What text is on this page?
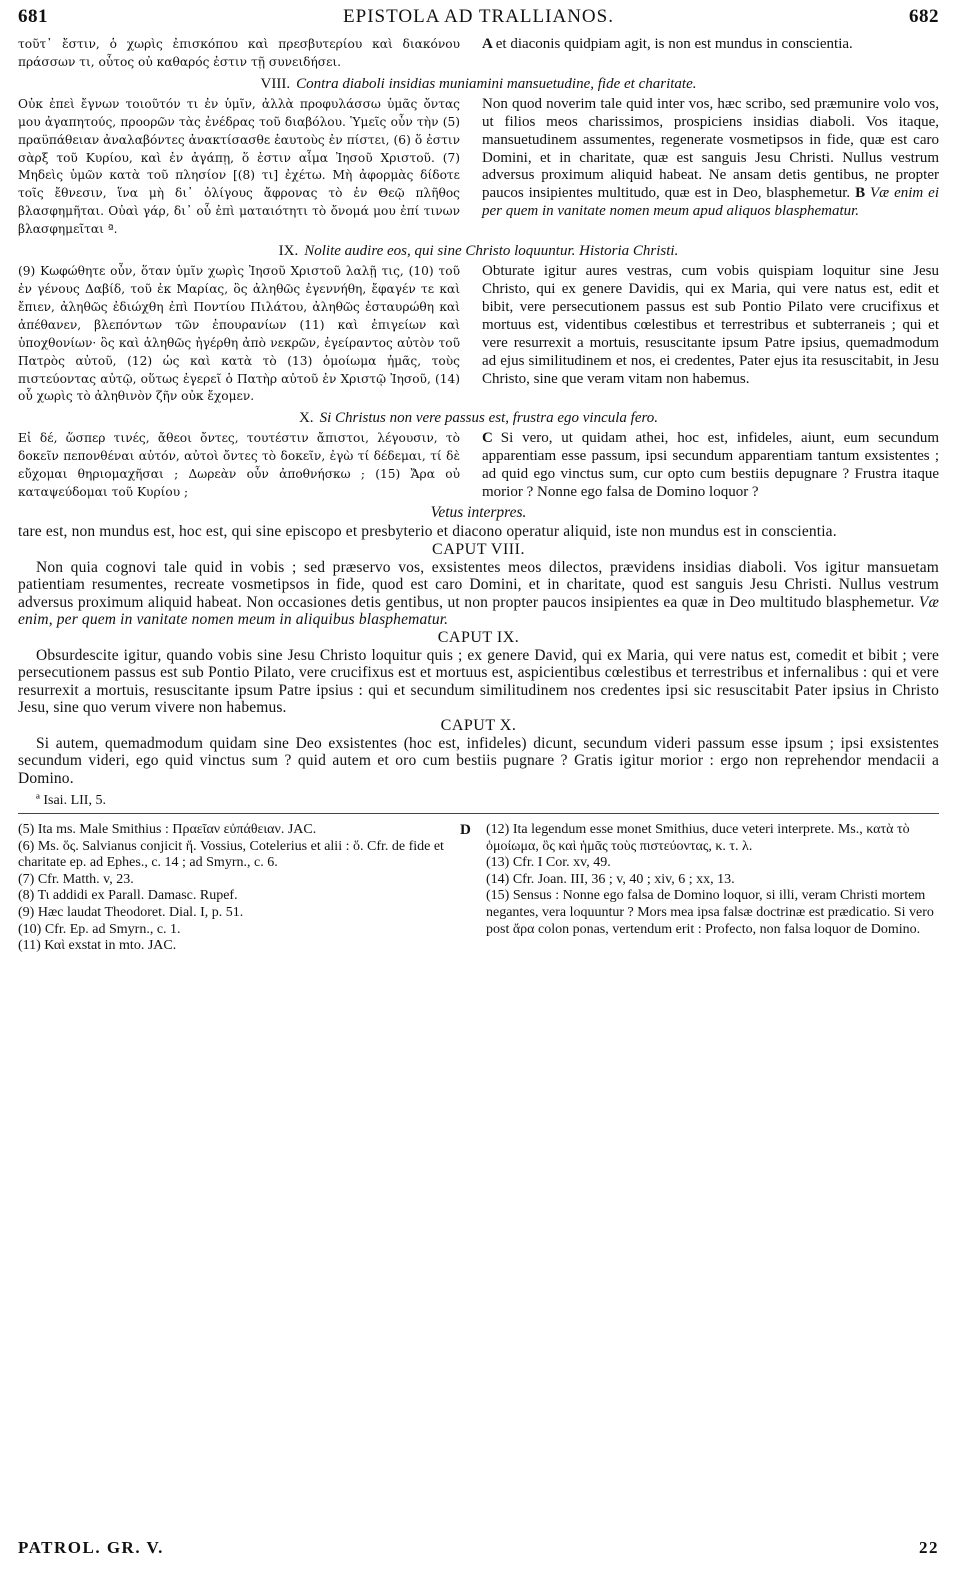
681	EPISTOLA AD TRALLIANOS.	682
τοῦτ᾽ ἔστιν, ὁ χωρὶς ἐπισκόπου καὶ πρεσβυτερίου καὶ διακόνου πράσσων τι, οὗτος οὐ καθαρός ἐστιν τῇ συνειδήσει.
A et diaconis quidpiam agit, is non est mundus in conscientia.
VIII. Contra diaboli insidias muniamini mansuetudine, fide et charitate.
Οὐκ ἐπεὶ ἔγνων τοιοῦτόν τι ἐν ὑμῖν, ἀλλὰ προφυλάσσω ὑμᾶς ὄντας μου ἀγαπητούς, προορῶν τὰς ἐνέδρας τοῦ διαβόλου. Ὑμεῖς οὖν τὴν (5) πραϋπάθειαν ἀναλαβόντες ἀνακτίσασθε ἑαυτοὺς ἐν πίστει, (6) ὅ ἐστιν σὰρξ τοῦ Κυρίου, καὶ ἐν ἀγάπῃ, ὅ ἐστιν αἷμα Ἰησοῦ Χριστοῦ. (7) Μηδεὶς ὑμῶν κατὰ τοῦ πλησίον [(8) τι] ἐχέτω. Μὴ ἀφορμὰς δίδοτε τοῖς ἔθνεσιν, ἵνα μὴ δι᾽ ὀλίγους ἄφρονας τὸ ἐν Θεῷ πλῆθος βλασφημῆται. Οὐαὶ γάρ, δι᾽ οὗ ἐπὶ ματαιότητι τὸ ὄνομά μου ἐπί τινων βλασφημεῖται ª.
Non quod noverim tale quid inter vos, hæc scribo, sed præmunire volo vos, ut filios meos charissimos, prospiciens insidias diaboli. Vos itaque, mansuetudinem assumentes, regenerate vosmetipsos in fide, quæ est caro Domini, et in charitate, quæ est sanguis Jesu Christi. Nullus vestrum adversus proximum aliquid habeat. Ne ansam detis gentibus, ne propter paucos insipientes multitudo, quæ est in Deo, blasphemetur. B Væ enim ei per quem in vanitate nomen meum apud aliquos blasphematur.
IX. Nolite audire eos, qui sine Christo loquuntur. Historia Christi.
(9) Κωφώθητε οὖν, ὅταν ὑμῖν χωρὶς Ἰησοῦ Χριστοῦ λαλῇ τις, (10) τοῦ ἐν γένους Δαβίδ, τοῦ ἐκ Μαρίας, ὃς ἀληθῶς ἐγεννήθη, ἔφαγέν τε καὶ ἔπιεν, ἀληθῶς ἐδιώχθη ἐπὶ Ποντίου Πιλάτου, ἀληθῶς ἐσταυρώθη καὶ ἀπέθανεν, βλεπόντων τῶν ἐπουρανίων (11) καὶ ἐπιγείων καὶ ὑποχθονίων· ὃς καὶ ἀληθῶς ἠγέρθη ἀπὸ νεκρῶν, ἐγείραντος αὐτὸν τοῦ Πατρὸς αὐτοῦ, (12) ὡς καὶ κατὰ τὸ (13) ὁμοίωμα ἡμᾶς, τοὺς πιστεύοντας αὐτῷ, οὕτως ἐγερεῖ ὁ Πατὴρ αὐτοῦ ἐν Χριστῷ Ἰησοῦ, (14) οὗ χωρὶς τὸ ἀληθινὸν ζῆν οὐκ ἔχομεν.
Obturate igitur aures vestras, cum vobis quispiam loquitur sine Jesu Christo, qui ex genere Davidis, qui ex Maria, qui vere natus est, edit et bibit, vere persecutionem passus est sub Pontio Pilato vere crucifixus et mortuus est, videntibus cœlestibus et terrestribus et subterraneis ; qui et vere resurrexit a mortuis, resuscitante ipsum Patre ipsius, quemadmodum ad ejus similitudinem et nos, ei credentes, Pater ejus ita resuscitabit, in Jesu Christo, sine que veram vitam non habemus.
X. Si Christus non vere passus est, frustra ego vincula fero.
Εἰ δέ, ὥσπερ τινές, ἄθεοι ὄντες, τουτέστιν ἄπιστοι, λέγουσιν, τὸ δοκεῖν πεπονθέναι αὐτόν, αὐτοὶ ὄντες τὸ δοκεῖν, ἐγὼ τί δέδεμαι, τί δὲ εὔχομαι θηριομαχῆσαι ; Δωρεὰν οὖν ἀποθνήσκω ; (15) Ἄρα οὐ καταψεύδομαι τοῦ Κυρίου ;
C Si vero, ut quidam athei, hoc est, infideles, aiunt, eum secundum apparentiam esse passum, ipsi secundum apparentiam tantum exsistentes ; ad quid ego vinctus sum, cur opto cum bestiis depugnare ? Frustra itaque morior ? Nonne ego falsa de Domino loquor ?
Vetus interpres.
tare est, non mundus est, hoc est, qui sine episcopo et presbyterio et diacono operatur aliquid, iste non mundus est in conscientia.
CAPUT VIII.

Non quia cognovi tale quid in vobis ; sed præservo vos, exsistentes meos dilectos, prævidens insidias diaboli. Vos igitur mansuetam patientiam resumentes, recreate vosmetipsos in fide, quod est caro Domini, et in charitate, quod est sanguis Jesu Christi. Nullus vestrum adversus proximum aliquid habeat. Non occasiones detis gentibus, ut non propter paucos insipientes ea quæ in Deo multitudo blasphemetur. Væ enim, per quem in vanitate nomen meum in aliquibus blasphematur.

CAPUT IX.

Obsurdescite igitur, quando vobis sine Jesu Christo loquitur quis ; ex genere David, qui ex Maria, qui vere natus est, comedit et bibit ; vere persecutionem passus est sub Pontio Pilato, vere crucifixus est et mortuus est, aspicientibus cœlestibus et terrestribus et infernalibus : qui et vere resurrexit a mortuis, resuscitante ipsum Patre ipsius : qui et secundum similitudinem nos credentes ipsi sic resuscitabit Pater ipsius in Christo Jesu, sine quo verum vivere non habemus.

CAPUT X.

Si autem, quemadmodum quidam sine Deo exsistentes (hoc est, infideles) dicunt, secundum videri passum esse ipsum ; ipsi exsistentes secundum videri, ego quid vinctus sum ? quid autem et oro cum bestiis pugnare ? Gratis igitur morior : ergo non reprehendor mendacii a Domino.

ª Isai. LII, 5.

(5) Ita ms. Male Smithius : Πραεῖαν εὐπάθειαν. JAC.	D

(6) Ms. ὅς. Salvianus conjicit ἥ. Vossius, Cotelerius et alii : ὅ. Cfr. de fide et charitate ep. ad Ephes., c. 14 ; ad Smyrn., c. 6.

(7) Cfr. Matth. v, 23.

(8) Τι addidi ex Parall. Damasc. Rupef.

(9) Hæc laudat Theodoret. Dial. I, p. 51.

(10) Cfr. Ep. ad Smyrn., c. 1.

(11) Καὶ exstat in mto. JAC.

(12) Ita legendum esse monet Smithius, duce veteri interprete. Ms., κατὰ τὸ ὁμοίωμα, ὃς καὶ ἡμᾶς τοὺς πιστεύοντας, κ. τ. λ.

(13) Cfr. I Cor. xv, 49.

(14) Cfr. Joan. III, 36 ; v, 40 ; xiv, 6 ; xx, 13.

(15) Sensus : Nonne ego falsa de Domino loquor, si illi, veram Christi mortem negantes, vera loquuntur ? Mors mea ipsa falsæ doctrinæ est prædicatio. Si vero post ἄρα colon ponas, vertendum erit : Profecto, non falsa loquor de Domino.

PATROL. GR. V.	22
